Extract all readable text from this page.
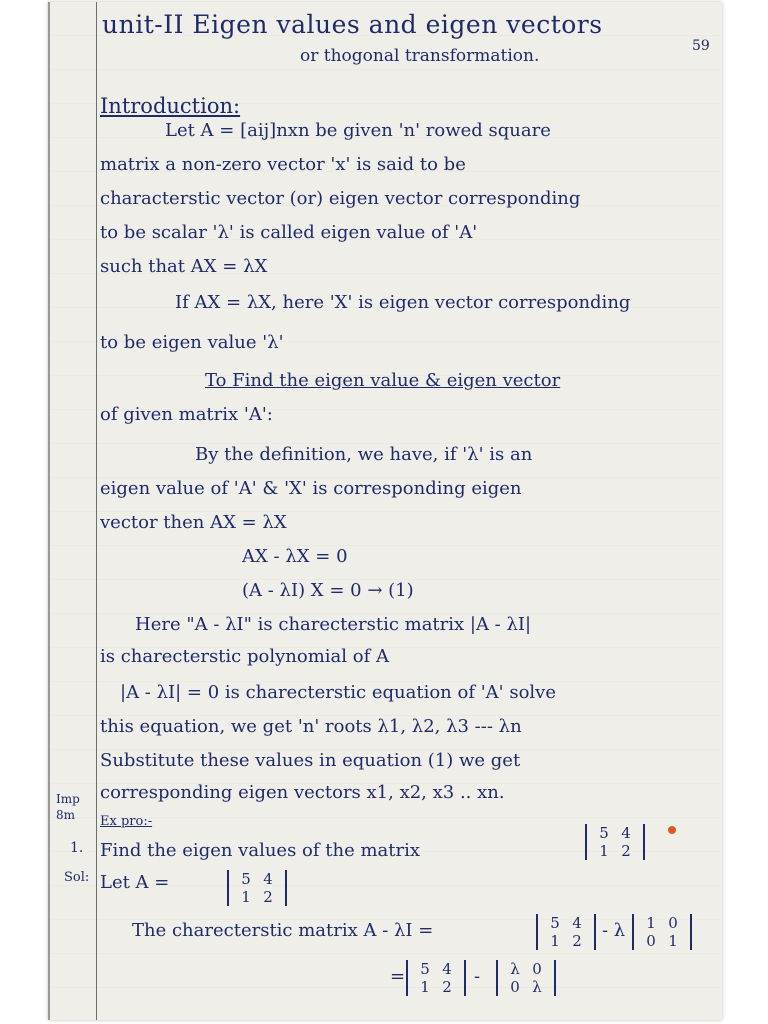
unit-II Eigen values and eigen vectors
or thogonal transformation.	59
Introduction:
Let A = [aij]nxn be given 'n' rowed square
matrix a non-zero vector 'x' is said to be
characterstic vector (or) eigen vector corresponding
to be scalar 'λ' is called eigen value of 'A'
such that AX = λX
If AX = λX, here 'X' is eigen vector corresponding
to be eigen value 'λ'
To Find the eigen value & eigen vector
of given matrix 'A':
By the definition, we have, if 'λ' is an
eigen value of 'A' & 'X' is corresponding eigen
vector then AX = λX
AX - λX = 0
(A - λI) X = 0 → (1)
Here "A - λI" is charecterstic matrix |A - λI|
is charecterstic polynomial of A
|A - λI| = 0 is charecterstic equation of 'A' solve
this equation, we get 'n' roots λ1, λ2, λ3 --- λn
Substitute these values in equation (1) we get
corresponding eigen vectors x1, x2, x3 .. xn.
Imp
8m
1.
Sol:
Ex pro:-
Find the eigen values of the matrix
5 4
1 2
Let A =	5 4
1 2
The charecterstic matrix A - λI =	5 4
1 2	- λ	1 0
0 1
=	5 4
1 2	-	λ 0
0 λ
